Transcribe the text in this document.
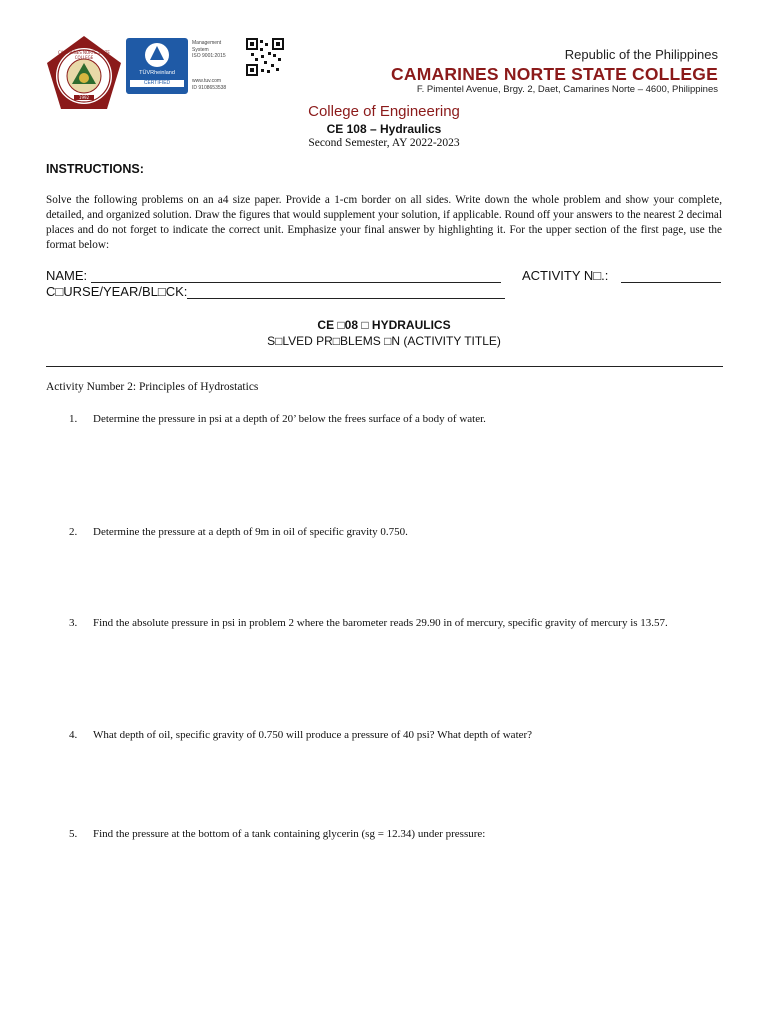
CAMARINES NORTE STATE COLLEGE
1992
TÜVRheinland
CERTIFIED
Management
System
ISO 9001:2015
www.tuv.com
ID 9108653538
Republic of the Philippines
CAMARINES NORTE STATE COLLEGE
F. Pimentel Avenue, Brgy. 2, Daet, Camarines Norte – 4600, Philippines
College of Engineering
CE 108 – Hydraulics
Second Semester, AY 2022-2023
INSTRUCTIONS:
Solve the following problems on an a4 size paper. Provide a 1-cm border on all sides. Write down the whole problem and show your complete, detailed, and organized solution. Draw the figures that would supplement your solution, if applicable. Round off your answers to the nearest 2 decimal places and do not forget to indicate the correct unit. Emphasize your final answer by highlighting it. For the upper section of the first page, use the format below:
NAME:	ACTIVITY N□.:
C□URSE/YEAR/BL□CK:
CE □08 □ HYDRAULICS
S□LVED PR□BLEMS □N (ACTIVITY TITLE)
Activity Number 2: Principles of Hydrostatics
1. Determine the pressure in psi at a depth of 20’ below the frees surface of a body of water.
2. Determine the pressure at a depth of 9m in oil of specific gravity 0.750.
3. Find the absolute pressure in psi in problem 2 where the barometer reads 29.90 in of mercury, specific gravity of mercury is 13.57.
4. What depth of oil, specific gravity of 0.750 will produce a pressure of 40 psi? What depth of water?
5. Find the pressure at the bottom of a tank containing glycerin (sg = 12.34) under pressure:
